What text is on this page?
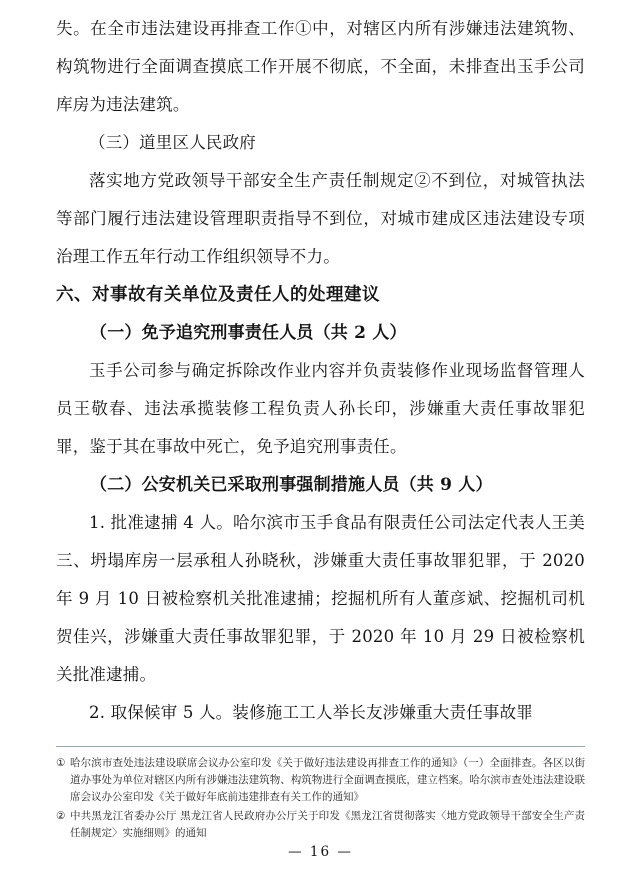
失。在全市违法建设再排查工作①中，对辖区内所有涉嫌违法建筑物、构筑物进行全面调查摸底工作开展不彻底，不全面，未排查出玉手公司库房为违法建筑。

（三）道里区人民政府

落实地方党政领导干部安全生产责任制规定②不到位，对城管执法等部门履行违法建设管理职责指导不到位，对城市建成区违法建设专项治理工作五年行动工作组织领导不力。

六、对事故有关单位及责任人的处理建议

（一）免予追究刑事责任人员（共 2 人）

玉手公司参与确定拆除改作业内容并负责装修作业现场监督管理人员王敬春、违法承揽装修工程负责人孙长印，涉嫌重大责任事故罪犯罪，鉴于其在事故中死亡，免予追究刑事责任。

（二）公安机关已采取刑事强制措施人员（共 9 人）

1. 批准逮捕 4 人。哈尔滨市玉手食品有限责任公司法定代表人王美三、坍塌库房一层承租人孙晓秋，涉嫌重大责任事故罪犯罪，于 2020 年 9 月 10 日被检察机关批准逮捕；挖掘机所有人董彦斌、挖掘机司机贺佳兴，涉嫌重大责任事故罪犯罪，于 2020 年 10 月 29 日被检察机关批准逮捕。

2. 取保候审 5 人。装修施工工人举长友涉嫌重大责任事故罪

① 哈尔滨市查处违法建设联席会议办公室印发《关于做好违法建设再排查工作的通知》（一）全面排查。各区以街道办事处为单位对辖区内所有涉嫌违法建筑物、构筑物进行全面调查摸底，建立档案。哈尔滨市查处违法建设联席会议办公室印发《关于做好年底前违建排查有关工作的通知》

② 中共黑龙江省委办公厅 黑龙江省人民政府办公厅关于印发《黑龙江省贯彻落实〈地方党政领导干部安全生产责任制规定〉实施细则》的通知

— 16 —
